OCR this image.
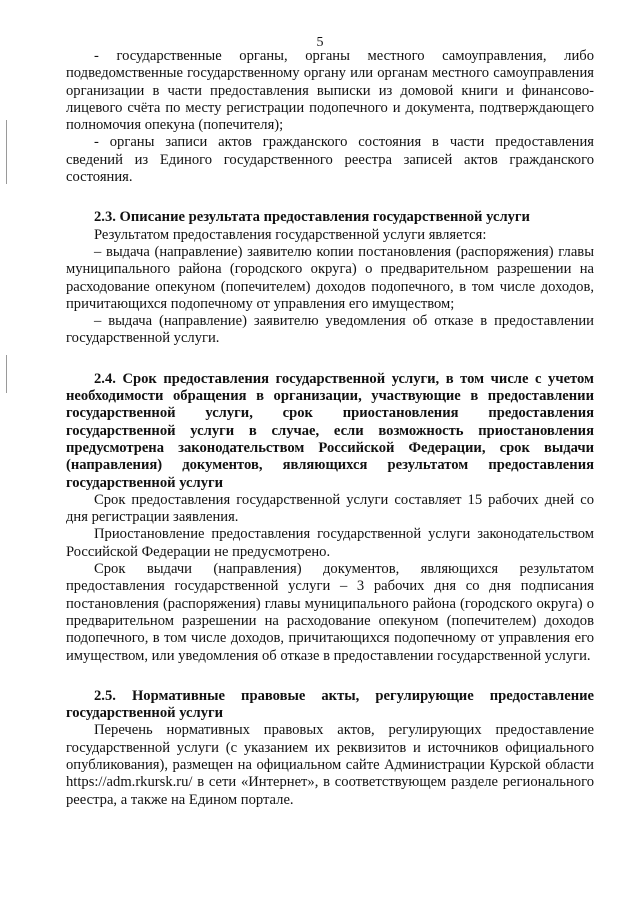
5

- государственные органы, органы местного самоуправления, либо подведомственные государственному органу или органам местного самоуправления организации в части предоставления выписки из домовой книги и финансово-лицевого счёта по месту регистрации подопечного и документа, подтверждающего полномочия опекуна (попечителя);

- органы записи актов гражданского состояния в части предоставления сведений из Единого государственного реестра записей актов гражданского состояния.

2.3. Описание результата предоставления государственной услуги

Результатом предоставления государственной услуги является:

– выдача (направление) заявителю копии постановления (распоряжения) главы муниципального района (городского округа) о предварительном разрешении на расходование опекуном (попечителем) доходов подопечного, в том числе доходов, причитающихся подопечному от управления его имуществом;

– выдача (направление) заявителю уведомления об отказе в предоставлении государственной услуги.

2.4. Срок предоставления государственной услуги, в том числе с учетом необходимости обращения в организации, участвующие в предоставлении государственной услуги, срок приостановления предоставления государственной услуги в случае, если возможность приостановления предусмотрена законодательством Российской Федерации, срок выдачи (направления) документов, являющихся результатом предоставления государственной услуги

Срок предоставления государственной услуги составляет 15 рабочих дней со дня регистрации заявления.

Приостановление предоставления государственной услуги законодательством Российской Федерации не предусмотрено.

Срок выдачи (направления) документов, являющихся результатом предоставления государственной услуги – 3 рабочих дня со дня подписания постановления (распоряжения) главы муниципального района (городского округа) о предварительном разрешении на расходование опекуном (попечителем) доходов подопечного, в том числе доходов, причитающихся подопечному от управления его имуществом, или уведомления об отказе в предоставлении государственной услуги.

2.5. Нормативные правовые акты, регулирующие предоставление государственной услуги

Перечень нормативных правовых актов, регулирующих предоставление государственной услуги (с указанием их реквизитов и источников официального опубликования), размещен на официальном сайте Администрации Курской области https://adm.rkursk.ru/ в сети «Интернет», в соответствующем разделе регионального реестра, а также на Едином портале.
